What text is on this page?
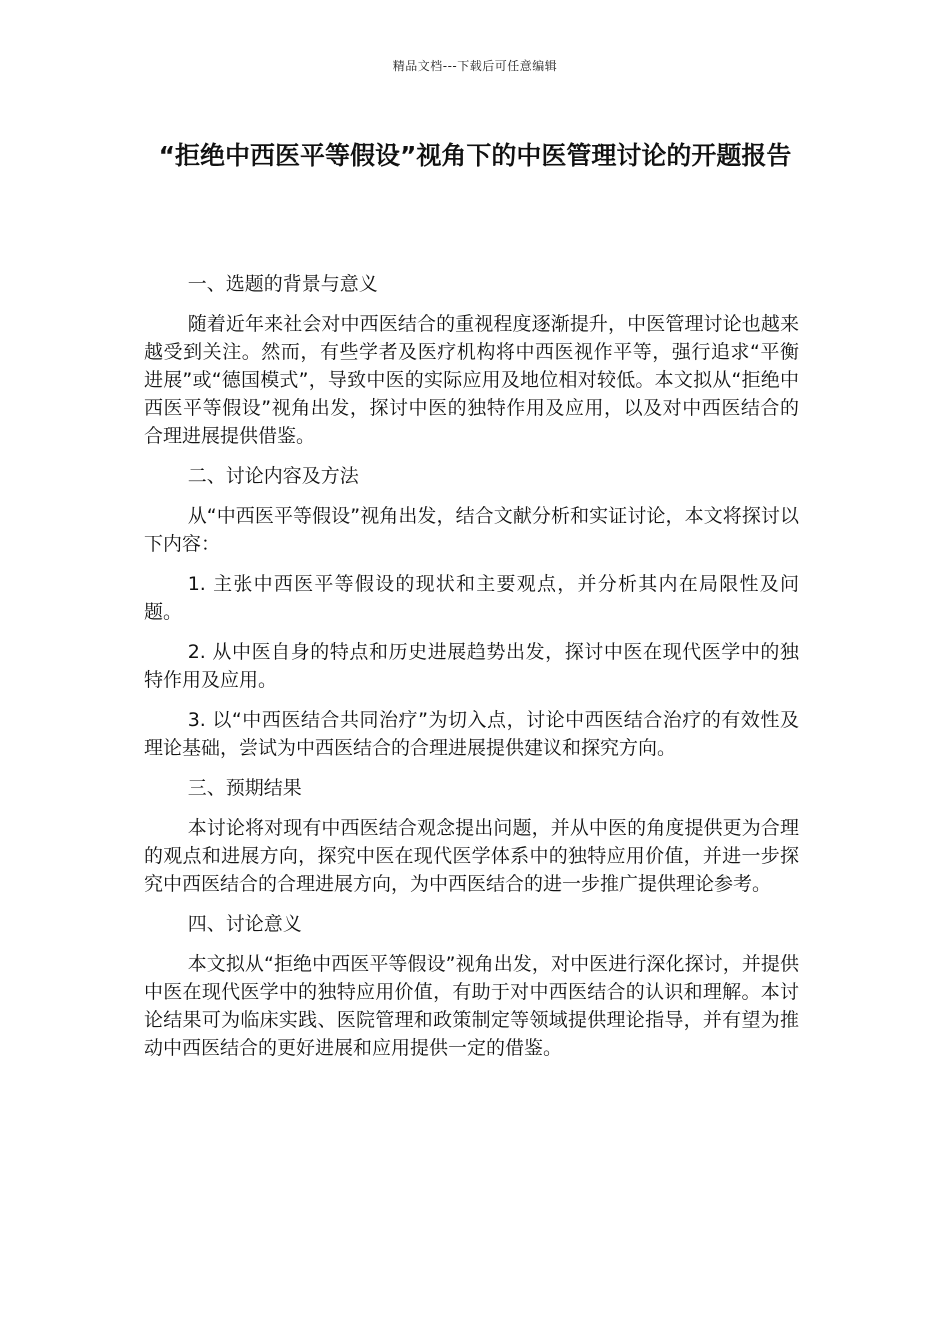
精品文档---下载后可任意编辑
“拒绝中西医平等假设”视角下的中医管理讨论的开题报告

一、选题的背景与意义

随着近年来社会对中西医结合的重视程度逐渐提升，中医管理讨论也越来越受到关注。然而，有些学者及医疗机构将中西医视作平等，强行追求“平衡进展”或“德国模式”，导致中医的实际应用及地位相对较低。本文拟从“拒绝中西医平等假设”视角出发，探讨中医的独特作用及应用，以及对中西医结合的合理进展提供借鉴。

二、讨论内容及方法

从“中西医平等假设”视角出发，结合文献分析和实证讨论，本文将探讨以下内容：

1. 主张中西医平等假设的现状和主要观点，并分析其内在局限性及问题。

2. 从中医自身的特点和历史进展趋势出发，探讨中医在现代医学中的独特作用及应用。

3. 以“中西医结合共同治疗”为切入点，讨论中西医结合治疗的有效性及理论基础，尝试为中西医结合的合理进展提供建议和探究方向。

三、预期结果

本讨论将对现有中西医结合观念提出问题，并从中医的角度提供更为合理的观点和进展方向，探究中医在现代医学体系中的独特应用价值，并进一步探究中西医结合的合理进展方向，为中西医结合的进一步推广提供理论参考。

四、讨论意义

本文拟从“拒绝中西医平等假设”视角出发，对中医进行深化探讨，并提供中医在现代医学中的独特应用价值，有助于对中西医结合的认识和理解。本讨论结果可为临床实践、医院管理和政策制定等领域提供理论指导，并有望为推动中西医结合的更好进展和应用提供一定的借鉴。
